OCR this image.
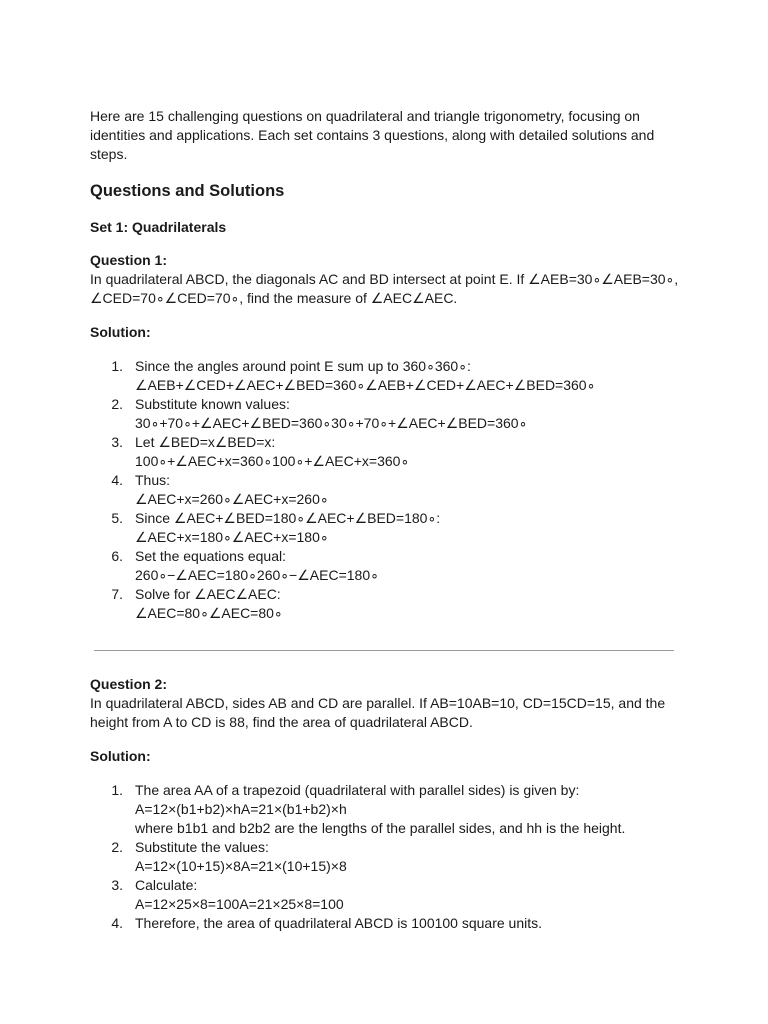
Here are 15 challenging questions on quadrilateral and triangle trigonometry, focusing on identities and applications. Each set contains 3 questions, along with detailed solutions and steps.

Questions and Solutions
Set 1: Quadrilaterals

Question 1:

In quadrilateral ABCD, the diagonals AC and BD intersect at point E. If ∠AEB=30∘∠AEB=30∘, ∠CED=70∘∠CED=70∘, find the measure of ∠AEC∠AEC.

Solution:

1. Since the angles around point E sum up to 360∘360∘:
∠AEB+∠CED+∠AEC+∠BED=360∘∠AEB+∠CED+∠AEC+∠BED=360∘
2. Substitute known values:
30∘+70∘+∠AEC+∠BED=360∘30∘+70∘+∠AEC+∠BED=360∘
3. Let ∠BED=x∠BED=x:
100∘+∠AEC+x=360∘100∘+∠AEC+x=360∘
4. Thus:
∠AEC+x=260∘∠AEC+x=260∘
5. Since ∠AEC+∠BED=180∘∠AEC+∠BED=180∘:
∠AEC+x=180∘∠AEC+x=180∘
6. Set the equations equal:
260∘−∠AEC=180∘260∘−∠AEC=180∘
7. Solve for ∠AEC∠AEC:
∠AEC=80∘∠AEC=80∘

Question 2:

In quadrilateral ABCD, sides AB and CD are parallel. If AB=10AB=10, CD=15CD=15, and the height from A to CD is 88, find the area of quadrilateral ABCD.

Solution:

1. The area AA of a trapezoid (quadrilateral with parallel sides) is given by:
A=12×(b1+b2)×hA=21×(b1+b2)×h
where b1b1 and b2b2 are the lengths of the parallel sides, and hh is the height.
2. Substitute the values:
A=12×(10+15)×8A=21×(10+15)×8
3. Calculate:
A=12×25×8=100A=21×25×8=100
4. Therefore, the area of quadrilateral ABCD is 100100 square units.
